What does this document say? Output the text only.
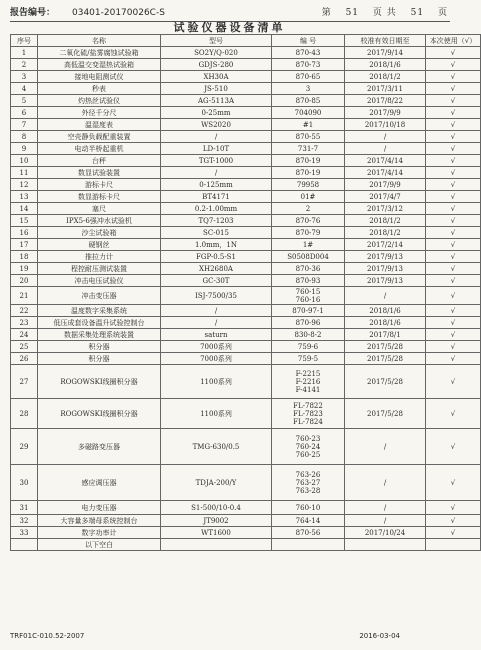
报告编号： 03401-20170026C-S	第 51 页 共 51 页
试验仪器设备清单
序号	名称	型号	编 号	校准有效日期至	本次使用（√）
1	二氧化硫/盐雾腐蚀试验箱	SO2Y/Q-020	870-43	2017/9/14	√
2	高低温交变湿热试验箱	GDJS-280	870-73	2018/1/6	√
3	接地电阻测试仪	XH30A	870-65	2018/1/2	√
4	秒表	JS-510	3	2017/3/11	√
5	灼热丝试验仪	AG-5113A	870-85	2017/8/22	√
6	外径千分尺	0-25mm	704090	2017/9/9	√
7	温湿度表	WS2020	#1	2017/10/18	√
8	空壳静负载配重装置	/	870-55	/	√
9	电动半桥起重机	LD-10T	731-7	/	√
10	台秤	TGT-1000	870-19	2017/4/14	√
11	数显试验装置	/	870-19	2017/4/14	√
12	游标卡尺	0-125mm	79958	2017/9/9	√
13	数显游标卡尺	BT4171	01#	2017/4/7	√
14	塞尺	0.2-1.00mm	2	2017/3/12	√
15	IPX5-6强冲水试验机	TQ7-1203	870-76	2018/1/2	√
16	沙尘试验箱	SC-015	870-79	2018/1/2	√
17	硬钢丝	1.0mm，1N	1#	2017/2/14	√
18	推拉力计	FGP-0.5-S1	S0508D004	2017/9/13	√
19	程控耐压测试装置	XH2680A	870-36	2017/9/13	√
20	冲击电压试验仪	GC-30T	870-93	2017/9/13	√
21	冲击变压器	ISJ-7500/35	760-15
760-16	/	√
22	温度数字采集系统	/	870-97-1	2018/1/6	√
23	低压成套设备温升试验控制台	/	870-96	2018/1/6	√
24	数据采集处理系统装置	saturn	830-8-2	2017/8/1	√
25	积分器	7000系列	759-6	2017/5/28	√
26	积分器	7000系列	759-5	2017/5/28	√
27	ROGOWSKI线圈积分器	1100系列	F-2215
F-2216
F-4141	2017/5/28	√
28	ROGOWSKI线圈积分器	1100系列	FL-7822
FL-7823
FL-7824	2017/5/28	√
29	多磁路变压器	TMG-630/0.5	760-23
760-24
760-25	/	√
30	感应调压器	TDJA-200/Y	763-26
763-27
763-28	/	√
31	电力变压器	S1-500/10-0.4	760-10	/	√
32	大容量多端母系统控制台	JT9002	764-14	/	√
33	数字功率计	WT1600	870-56	2017/10/24	√
	以下空白				
TRF01C-010.52-2007	2016-03-04
